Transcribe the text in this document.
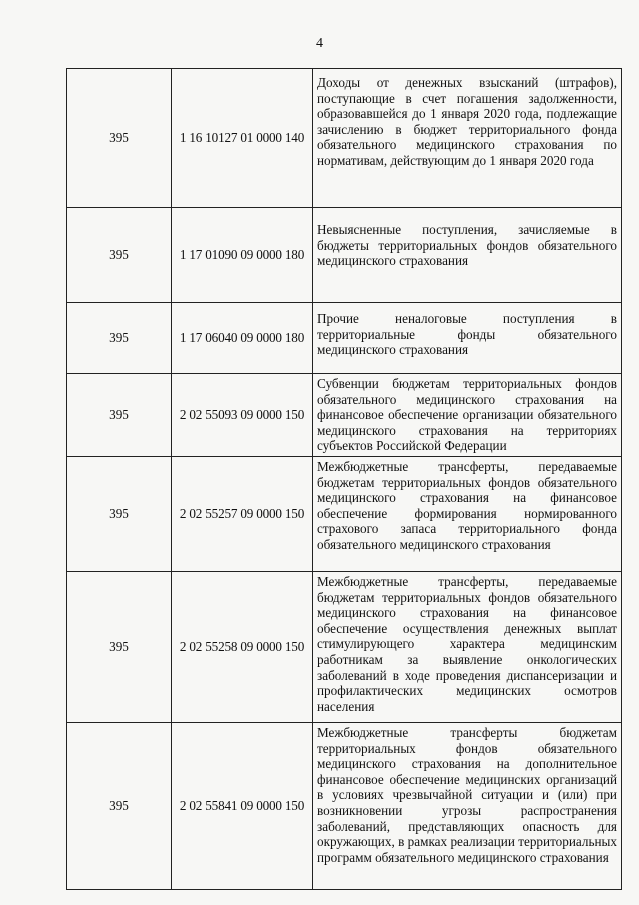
4
395	1 16 10127 01 0000 140	Доходы от денежных взысканий (штрафов), поступающие в счет погашения задолженности, образовавшейся до 1 января 2020 года, подлежащие зачислению в бюджет территориального фонда обязательного медицинского страхования по нормативам, действующим до 1 января 2020 года
395	1 17 01090 09 0000 180	Невыясненные поступления, зачисляемые в бюджеты территориальных фондов обязательного медицинского страхования
395	1 17 06040 09 0000 180	Прочие неналоговые поступления в территориальные фонды обязательного медицинского страхования
395	2 02 55093 09 0000 150	Субвенции бюджетам территориальных фондов обязательного медицинского страхования на финансовое обеспечение организации обязательного медицинского страхования на территориях субъектов Российской Федерации
395	2 02 55257 09 0000 150	Межбюджетные трансферты, передаваемые бюджетам территориальных фондов обязательного медицинского страхования на финансовое обеспечение формирования нормированного страхового запаса территориального фонда обязательного медицинского страхования
395	2 02 55258 09 0000 150	Межбюджетные трансферты, передаваемые бюджетам территориальных фондов обязательного медицинского страхования на финансовое обеспечение осуществления денежных выплат стимулирующего характера медицинским работникам за выявление онкологических заболеваний в ходе проведения диспансеризации и профилактических медицинских осмотров населения
395	2 02 55841 09 0000 150	Межбюджетные трансферты бюджетам территориальных фондов обязательного медицинского страхования на дополнительное финансовое обеспечение медицинских организаций в условиях чрезвычайной ситуации и (или) при возникновении угрозы распространения заболеваний, представляющих опасность для окружающих, в рамках реализации территориальных программ обязательного медицинского страхования
